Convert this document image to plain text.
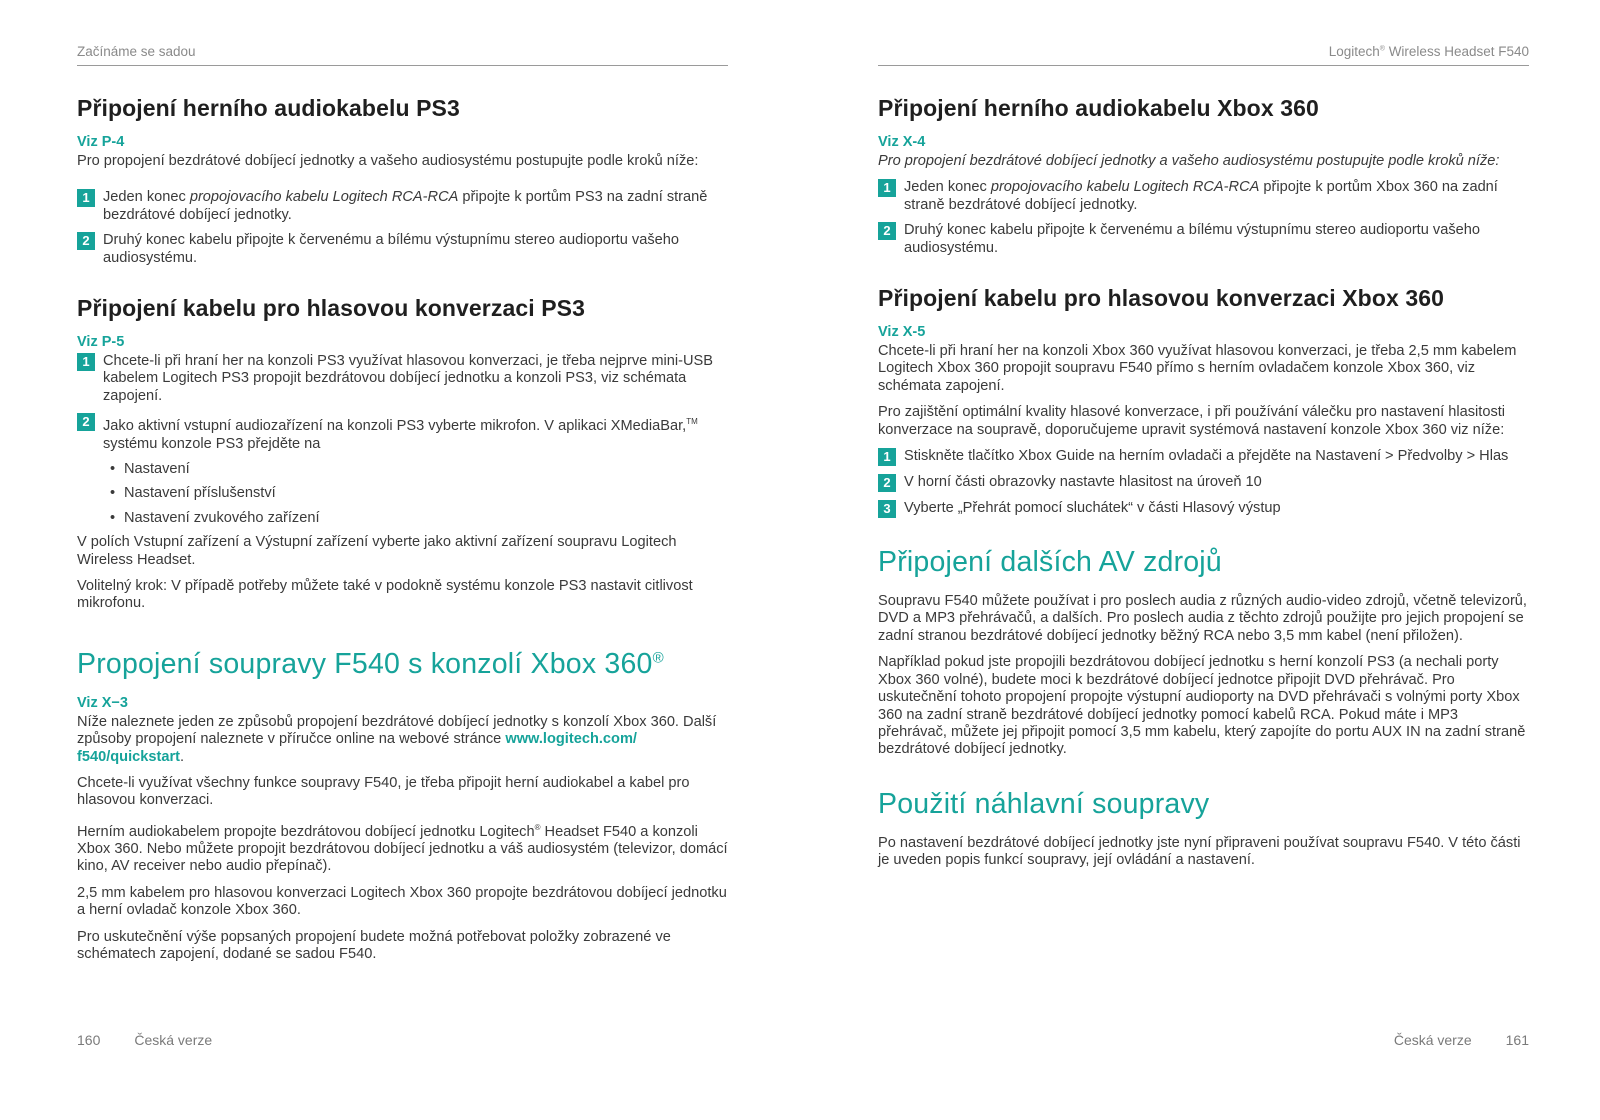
Začínáme se sadou
Připojení herního audiokabelu PS3
Viz P-4

Pro propojení bezdrátové dobíjecí jednotky a vašeho audiosystému postupujte podle kroků níže:

1 Jeden konec propojovacího kabelu Logitech RCA-RCA připojte k portům PS3 na zadní straně bezdrátové dobíjecí jednotky.
2 Druhý konec kabelu připojte k červenému a bílému výstupnímu stereo audioportu vašeho audiosystému.
Připojení kabelu pro hlasovou konverzaci PS3
Viz P-5
1 Chcete-li při hraní her na konzoli PS3 využívat hlasovou konverzaci, je třeba nejprve mini-USB kabelem Logitech PS3 propojit bezdrátovou dobíjecí jednotku a konzoli PS3, viz schémata zapojení.
2 Jako aktivní vstupní audiozařízení na konzoli PS3 vyberte mikrofon. V aplikaci XMediaBar,™ systému konzole PS3 přejděte na
• Nastavení
• Nastavení příslušenství
• Nastavení zvukového zařízení

V polích Vstupní zařízení a Výstupní zařízení vyberte jako aktivní zařízení soupravu Logitech Wireless Headset.

Volitelný krok: V případě potřeby můžete také v podokně systému konzole PS3 nastavit citlivost mikrofonu.

Propojení soupravy F540 s konzolí Xbox 360®
Viz X−3

Níže naleznete jeden ze způsobů propojení bezdrátové dobíjecí jednotky s konzolí Xbox 360. Další způsoby propojení naleznete v příručce online na webové stránce www.logitech.com/ f540/quickstart.

Chcete-li využívat všechny funkce soupravy F540, je třeba připojit herní audiokabel a kabel pro hlasovou konverzaci.

Herním audiokabelem propojte bezdrátovou dobíjecí jednotku Logitech® Headset F540 a konzoli Xbox 360. Nebo můžete propojit bezdrátovou dobíjecí jednotku a váš audiosystém (televizor, domácí kino, AV receiver nebo audio přepínač).

2,5 mm kabelem pro hlasovou konverzaci Logitech Xbox 360 propojte bezdrátovou dobíjecí jednotku a herní ovladač konzole Xbox 360.

Pro uskutečnění výše popsaných propojení budete možná potřebovat položky zobrazené ve schématech zapojení, dodané se sadou F540.

160 Česká verze
Logitech® Wireless Headset F540
Připojení herního audiokabelu Xbox 360
Viz X-4

Pro propojení bezdrátové dobíjecí jednotky a vašeho audiosystému postupujte podle kroků níže:

1 Jeden konec propojovacího kabelu Logitech RCA-RCA připojte k portům Xbox 360 na zadní straně bezdrátové dobíjecí jednotky.
2 Druhý konec kabelu připojte k červenému a bílému výstupnímu stereo audioportu vašeho audiosystému.
Připojení kabelu pro hlasovou konverzaci Xbox 360
Viz X-5

Chcete-li při hraní her na konzoli Xbox 360 využívat hlasovou konverzaci, je třeba 2,5 mm kabelem Logitech Xbox 360 propojit soupravu F540 přímo s herním ovladačem konzole Xbox 360, viz schémata zapojení.

Pro zajištění optimální kvality hlasové konverzace, i při používání válečku pro nastavení hlasitosti konverzace na soupravě, doporučujeme upravit systémová nastavení konzole Xbox 360 viz níže:

1 Stiskněte tlačítko Xbox Guide na herním ovladači a přejděte na Nastavení > Předvolby > Hlas
2 V horní části obrazovky nastavte hlasitost na úroveň 10
3 Vyberte „Přehrát pomocí sluchátek“ v části Hlasový výstup
Připojení dalších AV zdrojů

Soupravu F540 můžete používat i pro poslech audia z různých audio-video zdrojů, včetně televizorů, DVD a MP3 přehrávačů, a dalších. Pro poslech audia z těchto zdrojů použijte pro jejich propojení se zadní stranou bezdrátové dobíjecí jednotky běžný RCA nebo 3,5 mm kabel (není přiložen).

Například pokud jste propojili bezdrátovou dobíjecí jednotku s herní konzolí PS3 (a nechali porty Xbox 360 volné), budete moci k bezdrátové dobíjecí jednotce připojit DVD přehrávač. Pro uskutečnění tohoto propojení propojte výstupní audioporty na DVD přehrávači s volnými porty Xbox 360 na zadní straně bezdrátové dobíjecí jednotky pomocí kabelů RCA. Pokud máte i MP3 přehrávač, můžete jej připojit pomocí 3,5 mm kabelu, který zapojíte do portu AUX IN na zadní straně bezdrátové dobíjecí jednotky.

Použití náhlavní soupravy

Po nastavení bezdrátové dobíjecí jednotky jste nyní připraveni používat soupravu F540. V této části je uveden popis funkcí soupravy, její ovládání a nastavení.

Česká verze 161
